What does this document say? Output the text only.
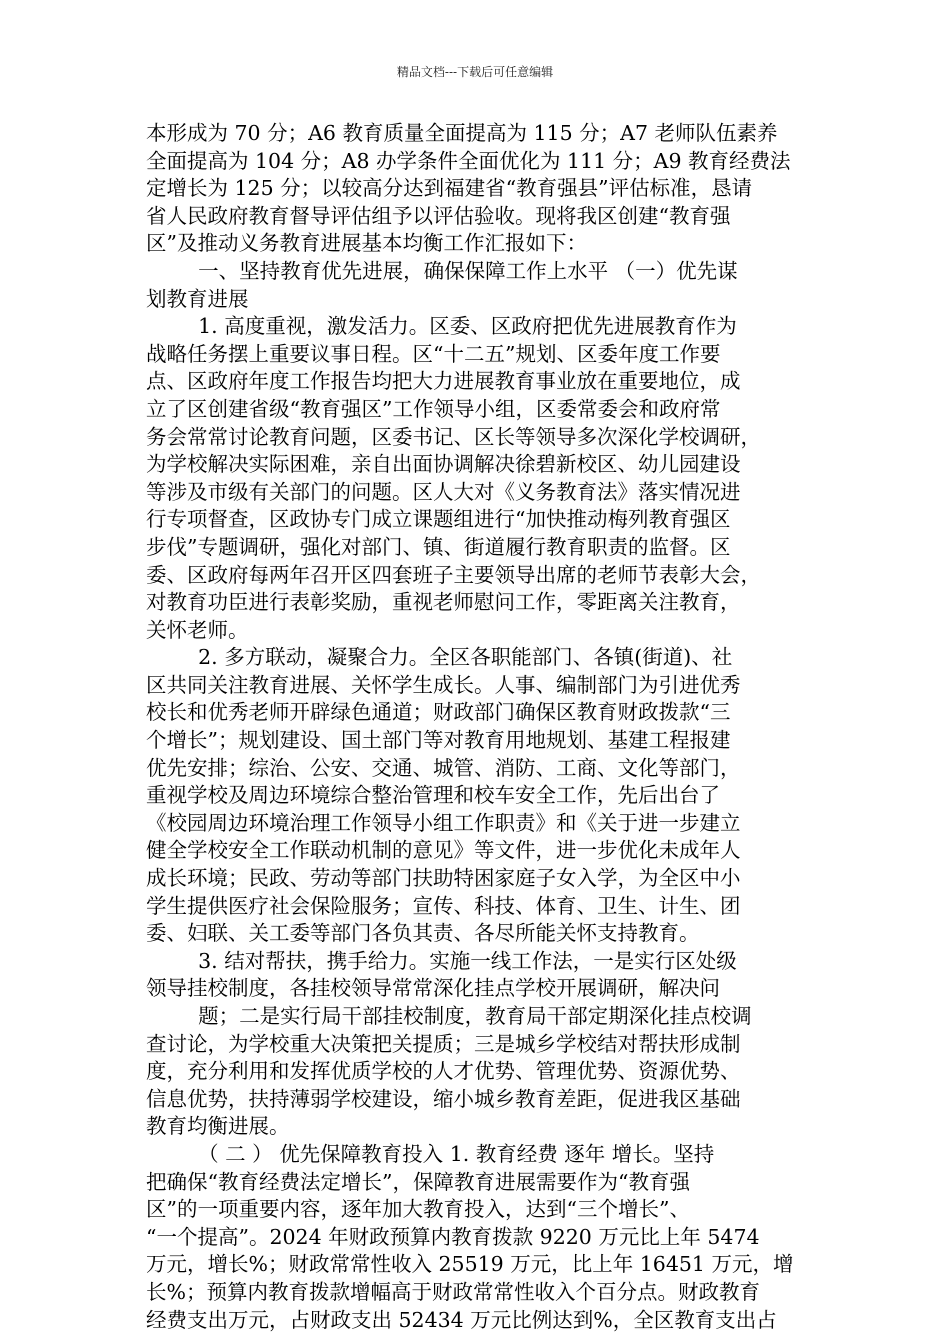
精品文档---下载后可任意编辑
本形成为 70 分；A6 教育质量全面提高为 115 分；A7 老师队伍素养
全面提高为 104 分；A8 办学条件全面优化为 111 分；A9 教育经费法
定增长为 125 分；以较高分达到福建省“教育强县”评估标准，恳请
省人民政府教育督导评估组予以评估验收。现将我区创建“教育强
区”及推动义务教育进展基本均衡工作汇报如下：
一、坚持教育优先进展，确保保障工作上水平 （一）优先谋
划教育进展
1. 高度重视，激发活力。区委、区政府把优先进展教育作为
战略任务摆上重要议事日程。区“十二五”规划、区委年度工作要
点、区政府年度工作报告均把大力进展教育事业放在重要地位，成
立了区创建省级“教育强区”工作领导小组，区委常委会和政府常
务会常常讨论教育问题，区委书记、区长等领导多次深化学校调研，
为学校解决实际困难，亲自出面协调解决徐碧新校区、幼儿园建设
等涉及市级有关部门的问题。区人大对《义务教育法》落实情况进
行专项督查，区政协专门成立课题组进行“加快推动梅列教育强区
步伐”专题调研，强化对部门、镇、街道履行教育职责的监督。区
委、区政府每两年召开区四套班子主要领导出席的老师节表彰大会，
对教育功臣进行表彰奖励，重视老师慰问工作，零距离关注教育，
关怀老师。
2. 多方联动，凝聚合力。全区各职能部门、各镇(街道)、社
区共同关注教育进展、关怀学生成长。人事、编制部门为引进优秀
校长和优秀老师开辟绿色通道；财政部门确保区教育财政拨款“三
个增长”；规划建设、国土部门等对教育用地规划、基建工程报建
优先安排；综治、公安、交通、城管、消防、工商、文化等部门，
重视学校及周边环境综合整治管理和校车安全工作，先后出台了
《校园周边环境治理工作领导小组工作职责》和《关于进一步建立
健全学校安全工作联动机制的意见》等文件，进一步优化未成年人
成长环境；民政、劳动等部门扶助特困家庭子女入学，为全区中小
学生提供医疗社会保险服务；宣传、科技、体育、卫生、计生、团
委、妇联、关工委等部门各负其责、各尽所能关怀支持教育。
3. 结对帮扶，携手给力。实施一线工作法，一是实行区处级
领导挂校制度，各挂校领导常常深化挂点学校开展调研，解决问
题；二是实行局干部挂校制度，教育局干部定期深化挂点校调
查讨论，为学校重大决策把关提质；三是城乡学校结对帮扶形成制
度，充分利用和发挥优质学校的人才优势、管理优势、资源优势、
信息优势，扶持薄弱学校建设，缩小城乡教育差距，促进我区基础
教育均衡进展。
（ 二 ） 优先保障教育投入 1. 教育经费 逐年 增长。坚持
把确保“教育经费法定增长”，保障教育进展需要作为“教育强
区”的一项重要内容，逐年加大教育投入，达到“三个增长”、
“一个提高”。2024 年财政预算内教育拨款 9220 万元比上年 5474
万元，增长%；财政常常性收入 25519 万元，比上年 16451 万元，增
长%；预算内教育拨款增幅高于财政常常性收入个百分点。财政教育
经费支出万元，占财政支出 52434 万元比例达到%，全区教育支出占
